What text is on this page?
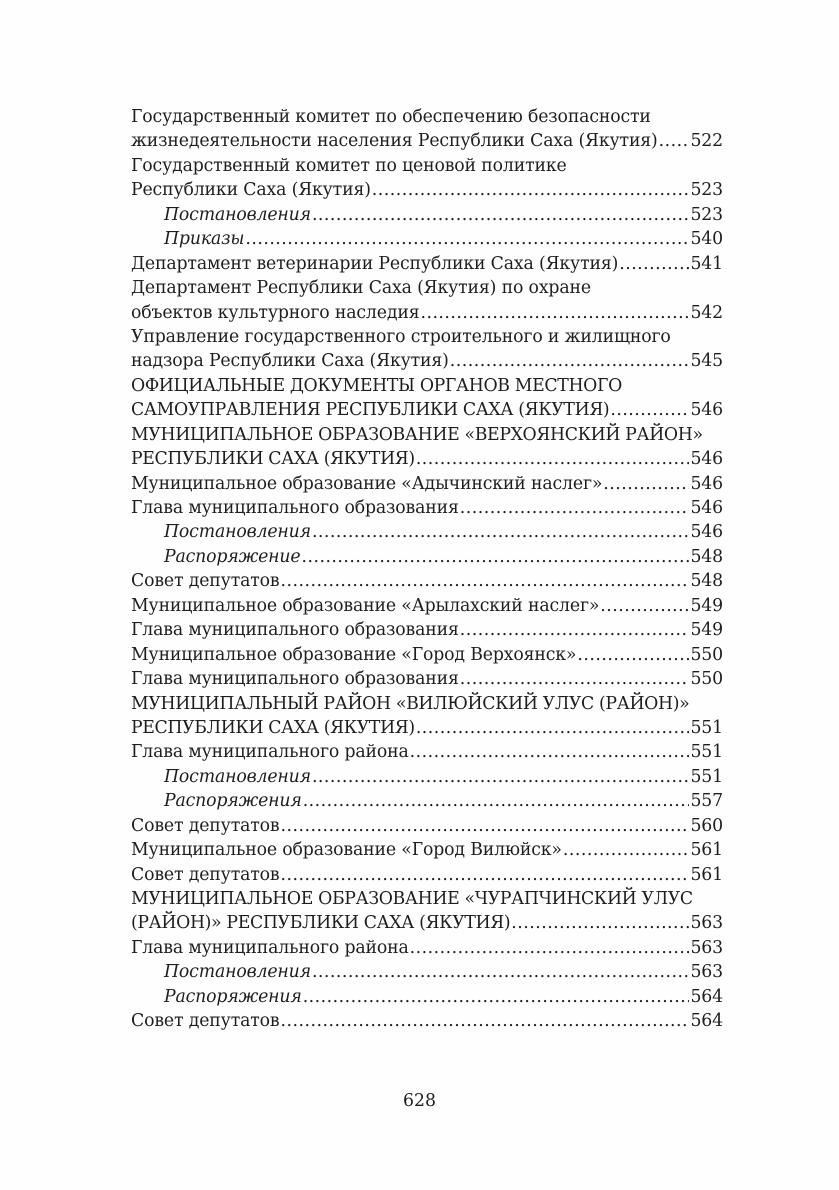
Государственный комитет по обеспечению безопасности
жизнедеятельности населения Республики Саха (Якутия) ..... 522
Государственный комитет по ценовой политике
Республики Саха (Якутия) .....	523
Постановления .....	523
Приказы .....	540
Департамент ветеринарии Республики Саха (Якутия) .....	541
Департамент Республики Саха (Якутия) по охране
объектов культурного наследия .....	542
Управление государственного строительного и жилищного
надзора Республики Саха (Якутия) .....	545
ОФИЦИАЛЬНЫЕ ДОКУМЕНТЫ ОРГАНОВ МЕСТНОГО
САМОУПРАВЛЕНИЯ РЕСПУБЛИКИ САХА (ЯКУТИЯ) .....	546
МУНИЦИПАЛЬНОЕ ОБРАЗОВАНИЕ «ВЕРХОЯНСКИЙ РАЙОН»
РЕСПУБЛИКИ САХА (ЯКУТИЯ) .....	546
Муниципальное образование «Адычинский наслег» .....	546
Глава муниципального образования .....	546
Постановления .....	546
Распоряжение .....	548
Совет депутатов .....	548
Муниципальное образование «Арылахский наслег» .....	549
Глава муниципального образования .....	549
Муниципальное образование «Город Верхоянск» .....	550
Глава муниципального образования .....	550
МУНИЦИПАЛЬНЫЙ РАЙОН «ВИЛЮЙСКИЙ УЛУС (РАЙОН)»
РЕСПУБЛИКИ САХА (ЯКУТИЯ) .....	551
Глава муниципального района .....	551
Постановления .....	551
Распоряжения .....	557
Совет депутатов .....	560
Муниципальное образование «Город Вилюйск» .....	561
Совет депутатов .....	561
МУНИЦИПАЛЬНОЕ ОБРАЗОВАНИЕ «ЧУРАПЧИНСКИЙ УЛУС
(РАЙОН)» РЕСПУБЛИКИ САХА (ЯКУТИЯ) .....	563
Глава муниципального района .....	563
Постановления .....	563
Распоряжения .....	564
Совет депутатов .....	564
628
